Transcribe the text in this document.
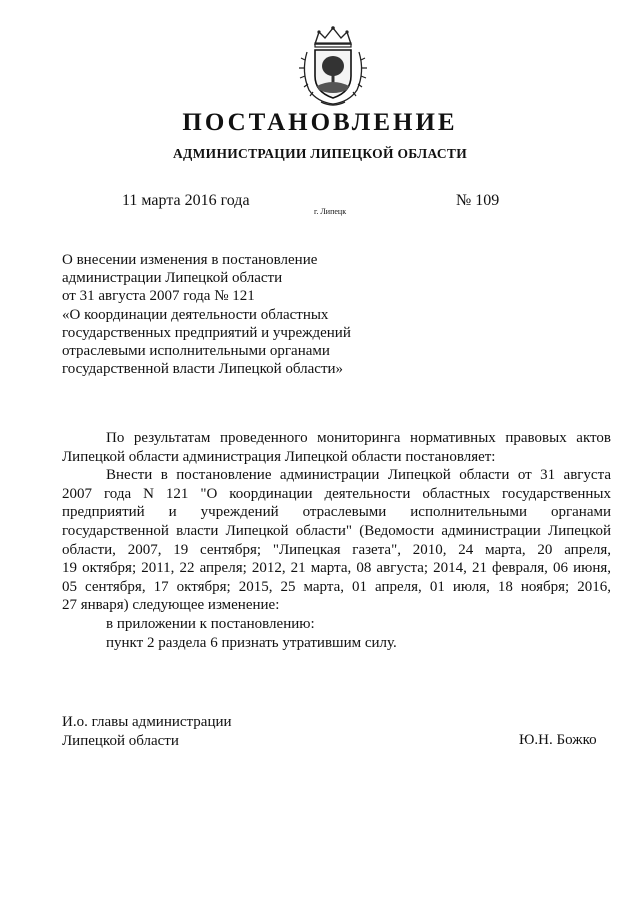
ПОСТАНОВЛЕНИЕ
АДМИНИСТРАЦИИ ЛИПЕЦКОЙ ОБЛАСТИ
11 марта 2016 года
г. Липецк
№ 109
О внесении изменения в постановление
администрации Липецкой области
от 31 августа 2007 года № 121
«О координации деятельности областных
государственных предприятий и учреждений
отраслевыми исполнительными органами
государственной власти Липецкой области»
По результатам проведенного мониторинга нормативных правовых актов
Липецкой области администрация Липецкой области постановляет:
Внести в постановление администрации Липецкой области от 31 августа
2007 года N 121 "О координации деятельности областных государственных
предприятий и учреждений отраслевыми исполнительными органами
государственной власти Липецкой области" (Ведомости администрации Липецкой
области, 2007, 19 сентября; "Липецкая газета", 2010, 24 марта, 20 апреля,
19 октября; 2011, 22 апреля; 2012, 21 марта, 08 августа; 2014, 21 февраля, 06 июня,
05 сентября, 17 октября; 2015, 25 марта, 01 апреля, 01 июля, 18 ноября; 2016,
27 января) следующее изменение:
в приложении к постановлению:
пункт 2 раздела 6 признать утратившим силу.
И.о. главы администрации
Липецкой области	Ю.Н. Божко
